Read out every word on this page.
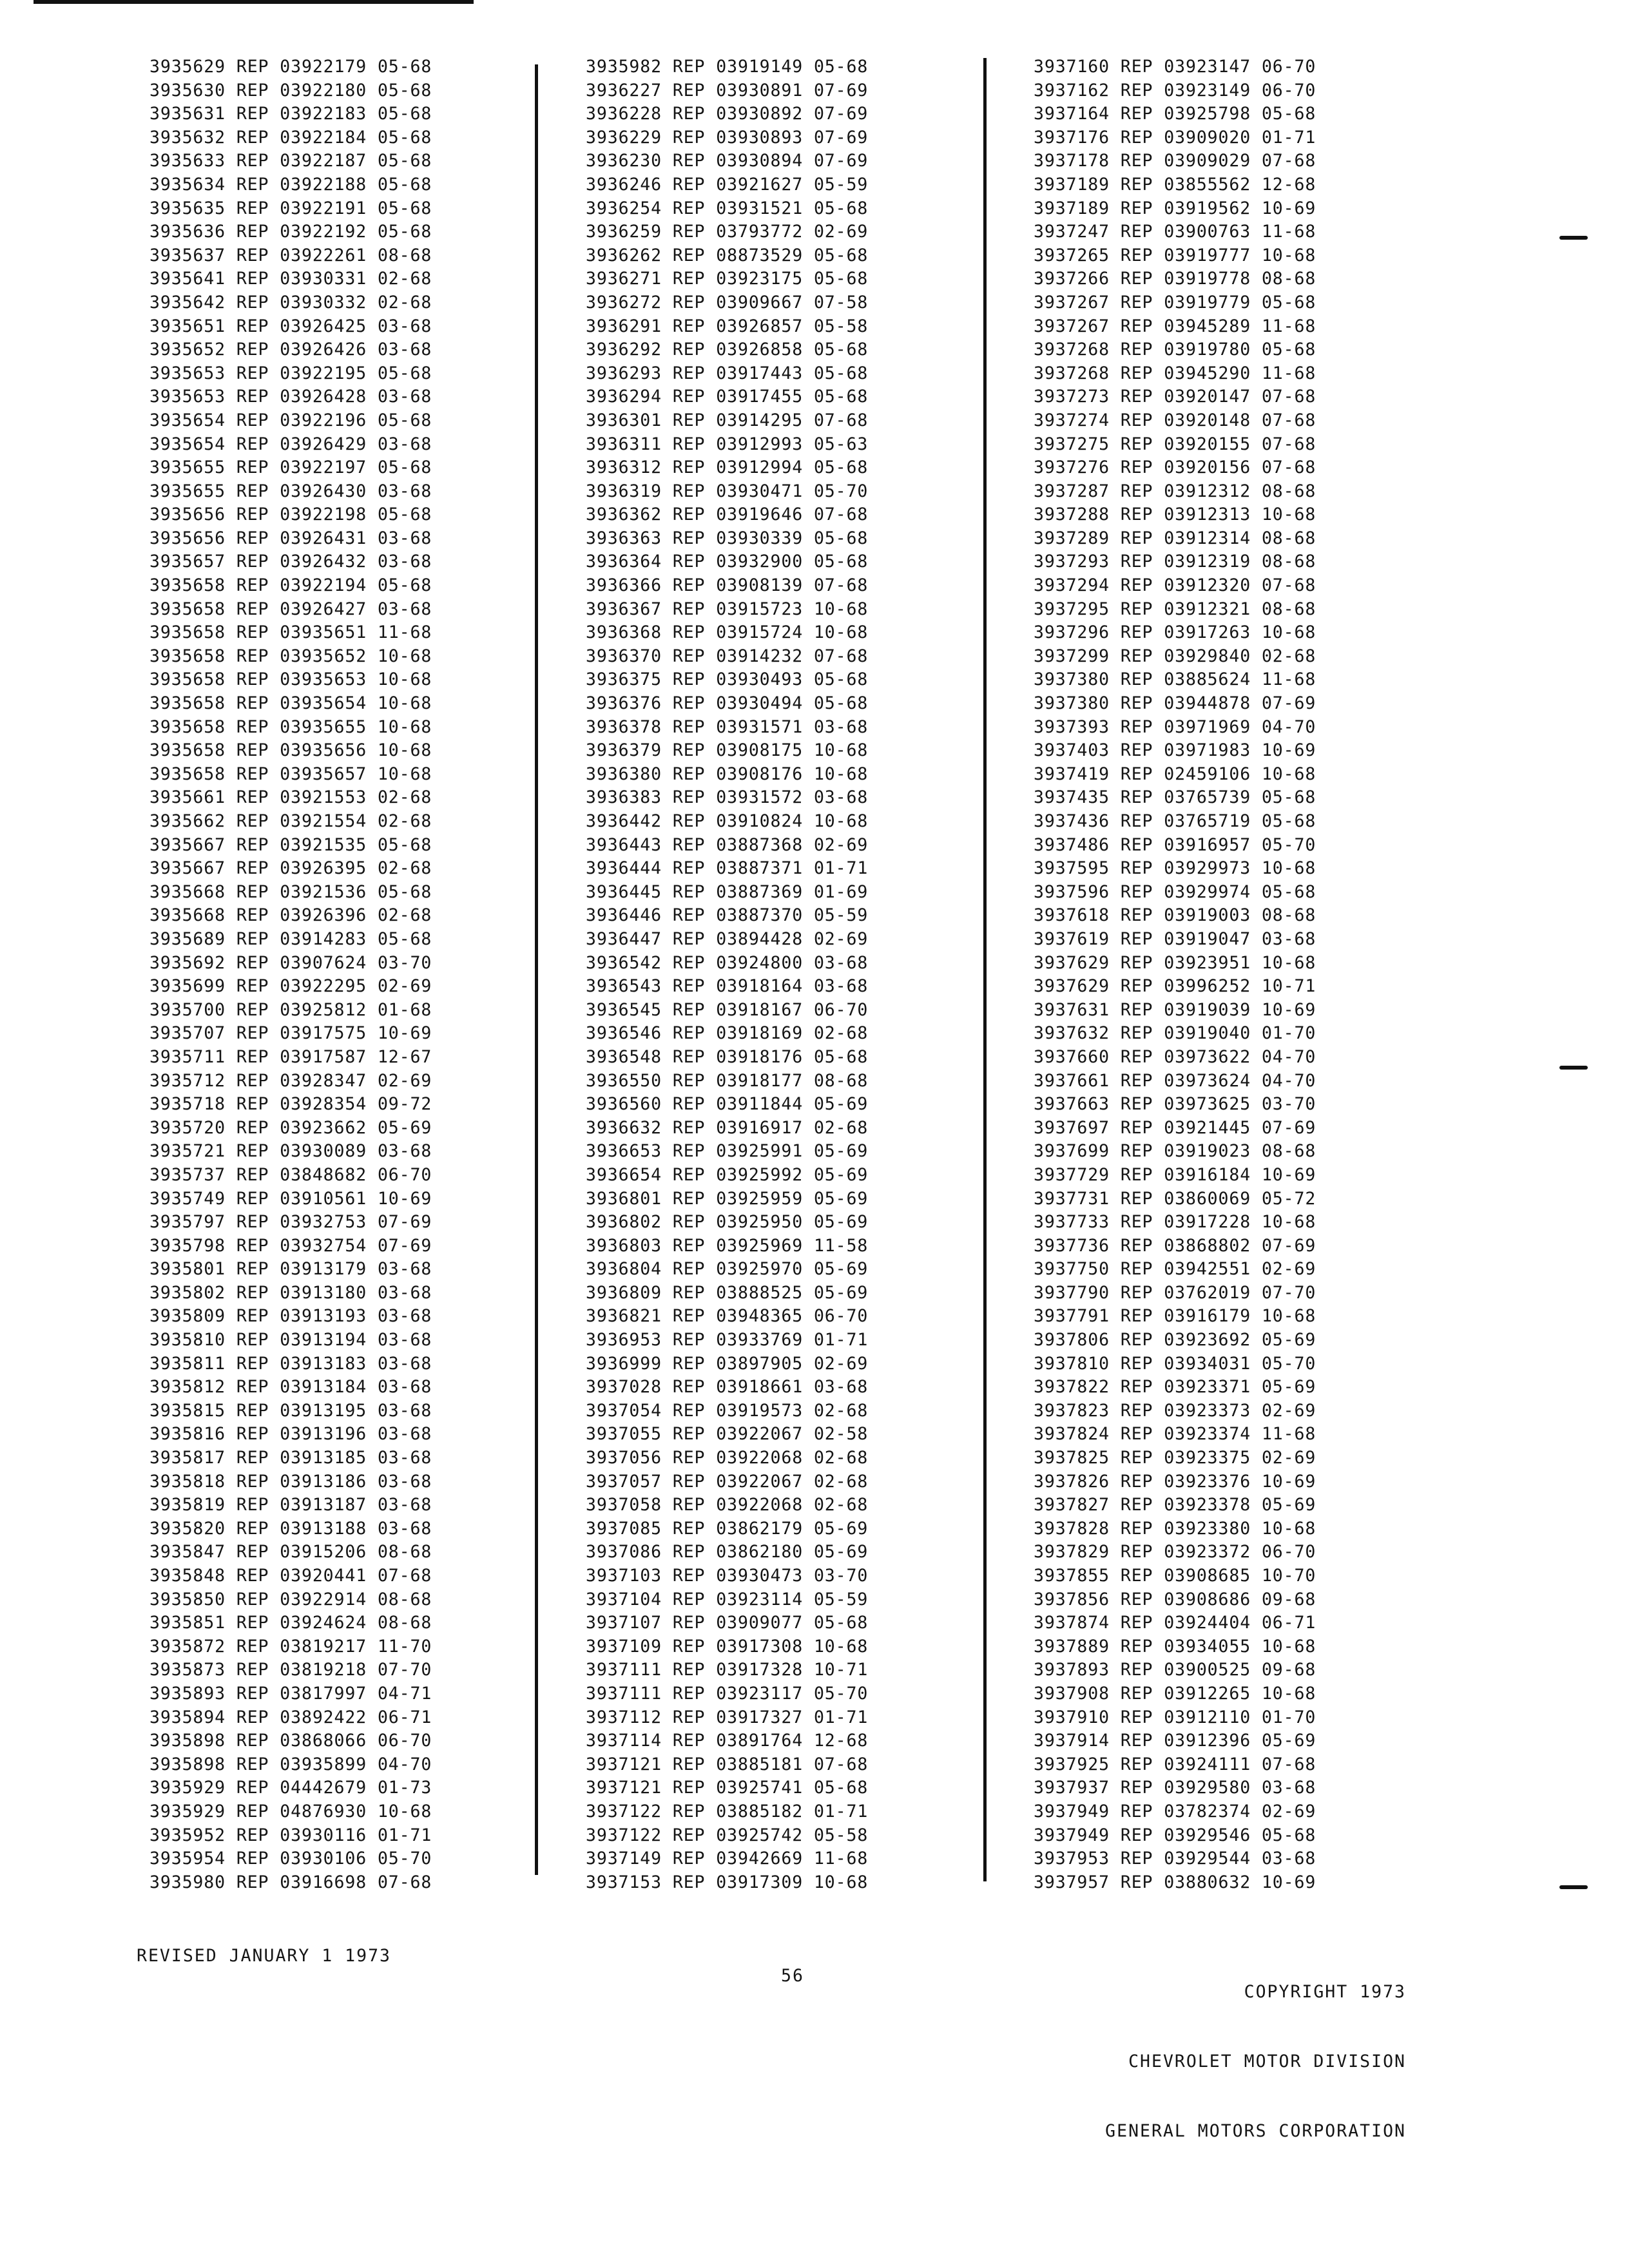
3935629 REP 03922179 05-68
3935630 REP 03922180 05-68
3935631 REP 03922183 05-68
3935632 REP 03922184 05-68
3935633 REP 03922187 05-68
3935634 REP 03922188 05-68
3935635 REP 03922191 05-68
3935636 REP 03922192 05-68
3935637 REP 03922261 08-68
3935641 REP 03930331 02-68
3935642 REP 03930332 02-68
3935651 REP 03926425 03-68
3935652 REP 03926426 03-68
3935653 REP 03922195 05-68
3935653 REP 03926428 03-68
3935654 REP 03922196 05-68
3935654 REP 03926429 03-68
3935655 REP 03922197 05-68
3935655 REP 03926430 03-68
3935656 REP 03922198 05-68
3935656 REP 03926431 03-68
3935657 REP 03926432 03-68
3935658 REP 03922194 05-68
3935658 REP 03926427 03-68
3935658 REP 03935651 11-68
3935658 REP 03935652 10-68
3935658 REP 03935653 10-68
3935658 REP 03935654 10-68
3935658 REP 03935655 10-68
3935658 REP 03935656 10-68
3935658 REP 03935657 10-68
3935661 REP 03921553 02-68
3935662 REP 03921554 02-68
3935667 REP 03921535 05-68
3935667 REP 03926395 02-68
3935668 REP 03921536 05-68
3935668 REP 03926396 02-68
3935689 REP 03914283 05-68
3935692 REP 03907624 03-70
3935699 REP 03922295 02-69
3935700 REP 03925812 01-68
3935707 REP 03917575 10-69
3935711 REP 03917587 12-67
3935712 REP 03928347 02-69
3935718 REP 03928354 09-72
3935720 REP 03923662 05-69
3935721 REP 03930089 03-68
3935737 REP 03848682 06-70
3935749 REP 03910561 10-69
3935797 REP 03932753 07-69
3935798 REP 03932754 07-69
3935801 REP 03913179 03-68
3935802 REP 03913180 03-68
3935809 REP 03913193 03-68
3935810 REP 03913194 03-68
3935811 REP 03913183 03-68
3935812 REP 03913184 03-68
3935815 REP 03913195 03-68
3935816 REP 03913196 03-68
3935817 REP 03913185 03-68
3935818 REP 03913186 03-68
3935819 REP 03913187 03-68
3935820 REP 03913188 03-68
3935847 REP 03915206 08-68
3935848 REP 03920441 07-68
3935850 REP 03922914 08-68
3935851 REP 03924624 08-68
3935872 REP 03819217 11-70
3935873 REP 03819218 07-70
3935893 REP 03817997 04-71
3935894 REP 03892422 06-71
3935898 REP 03868066 06-70
3935898 REP 03935899 04-70
3935929 REP 04442679 01-73
3935929 REP 04876930 10-68
3935952 REP 03930116 01-71
3935954 REP 03930106 05-70
3935980 REP 03916698 07-68
3935982 REP 03919149 05-68
3936227 REP 03930891 07-69
3936228 REP 03930892 07-69
3936229 REP 03930893 07-69
3936230 REP 03930894 07-69
3936246 REP 03921627 05-59
3936254 REP 03931521 05-68
3936259 REP 03793772 02-69
3936262 REP 08873529 05-68
3936271 REP 03923175 05-68
3936272 REP 03909667 07-58
3936291 REP 03926857 05-58
3936292 REP 03926858 05-68
3936293 REP 03917443 05-68
3936294 REP 03917455 05-68
3936301 REP 03914295 07-68
3936311 REP 03912993 05-63
3936312 REP 03912994 05-68
3936319 REP 03930471 05-70
3936362 REP 03919646 07-68
3936363 REP 03930339 05-68
3936364 REP 03932900 05-68
3936366 REP 03908139 07-68
3936367 REP 03915723 10-68
3936368 REP 03915724 10-68
3936370 REP 03914232 07-68
3936375 REP 03930493 05-68
3936376 REP 03930494 05-68
3936378 REP 03931571 03-68
3936379 REP 03908175 10-68
3936380 REP 03908176 10-68
3936383 REP 03931572 03-68
3936442 REP 03910824 10-68
3936443 REP 03887368 02-69
3936444 REP 03887371 01-71
3936445 REP 03887369 01-69
3936446 REP 03887370 05-59
3936447 REP 03894428 02-69
3936542 REP 03924800 03-68
3936543 REP 03918164 03-68
3936545 REP 03918167 06-70
3936546 REP 03918169 02-68
3936548 REP 03918176 05-68
3936550 REP 03918177 08-68
3936560 REP 03911844 05-69
3936632 REP 03916917 02-68
3936653 REP 03925991 05-69
3936654 REP 03925992 05-69
3936801 REP 03925959 05-69
3936802 REP 03925950 05-69
3936803 REP 03925969 11-58
3936804 REP 03925970 05-69
3936809 REP 03888525 05-69
3936821 REP 03948365 06-70
3936953 REP 03933769 01-71
3936999 REP 03897905 02-69
3937028 REP 03918661 03-68
3937054 REP 03919573 02-68
3937055 REP 03922067 02-58
3937056 REP 03922068 02-68
3937057 REP 03922067 02-68
3937058 REP 03922068 02-68
3937085 REP 03862179 05-69
3937086 REP 03862180 05-69
3937103 REP 03930473 03-70
3937104 REP 03923114 05-59
3937107 REP 03909077 05-68
3937109 REP 03917308 10-68
3937111 REP 03917328 10-71
3937111 REP 03923117 05-70
3937112 REP 03917327 01-71
3937114 REP 03891764 12-68
3937121 REP 03885181 07-68
3937121 REP 03925741 05-68
3937122 REP 03885182 01-71
3937122 REP 03925742 05-58
3937149 REP 03942669 11-68
3937153 REP 03917309 10-68
3937160 REP 03923147 06-70
3937162 REP 03923149 06-70
3937164 REP 03925798 05-68
3937176 REP 03909020 01-71
3937178 REP 03909029 07-68
3937189 REP 03855562 12-68
3937189 REP 03919562 10-69
3937247 REP 03900763 11-68
3937265 REP 03919777 10-68
3937266 REP 03919778 08-68
3937267 REP 03919779 05-68
3937267 REP 03945289 11-68
3937268 REP 03919780 05-68
3937268 REP 03945290 11-68
3937273 REP 03920147 07-68
3937274 REP 03920148 07-68
3937275 REP 03920155 07-68
3937276 REP 03920156 07-68
3937287 REP 03912312 08-68
3937288 REP 03912313 10-68
3937289 REP 03912314 08-68
3937293 REP 03912319 08-68
3937294 REP 03912320 07-68
3937295 REP 03912321 08-68
3937296 REP 03917263 10-68
3937299 REP 03929840 02-68
3937380 REP 03885624 11-68
3937380 REP 03944878 07-69
3937393 REP 03971969 04-70
3937403 REP 03971983 10-69
3937419 REP 02459106 10-68
3937435 REP 03765739 05-68
3937436 REP 03765719 05-68
3937486 REP 03916957 05-70
3937595 REP 03929973 10-68
3937596 REP 03929974 05-68
3937618 REP 03919003 08-68
3937619 REP 03919047 03-68
3937629 REP 03923951 10-68
3937629 REP 03996252 10-71
3937631 REP 03919039 10-69
3937632 REP 03919040 01-70
3937660 REP 03973622 04-70
3937661 REP 03973624 04-70
3937663 REP 03973625 03-70
3937697 REP 03921445 07-69
3937699 REP 03919023 08-68
3937729 REP 03916184 10-69
3937731 REP 03860069 05-72
3937733 REP 03917228 10-68
3937736 REP 03868802 07-69
3937750 REP 03942551 02-69
3937790 REP 03762019 07-70
3937791 REP 03916179 10-68
3937806 REP 03923692 05-69
3937810 REP 03934031 05-70
3937822 REP 03923371 05-69
3937823 REP 03923373 02-69
3937824 REP 03923374 11-68
3937825 REP 03923375 02-69
3937826 REP 03923376 10-69
3937827 REP 03923378 05-69
3937828 REP 03923380 10-68
3937829 REP 03923372 06-70
3937855 REP 03908685 10-70
3937856 REP 03908686 09-68
3937874 REP 03924404 06-71
3937889 REP 03934055 10-68
3937893 REP 03900525 09-68
3937908 REP 03912265 10-68
3937910 REP 03912110 01-70
3937914 REP 03912396 05-69
3937925 REP 03924111 07-68
3937937 REP 03929580 03-68
3937949 REP 03782374 02-69
3937949 REP 03929546 05-68
3937953 REP 03929544 03-68
3937957 REP 03880632 10-69
REVISED JANUARY 1 1973
56

COPYRIGHT 1973

CHEVROLET MOTOR DIVISION

GENERAL MOTORS CORPORATION
